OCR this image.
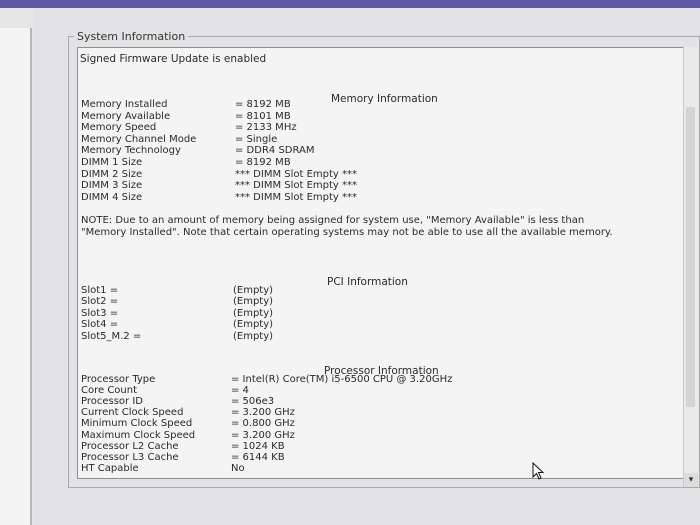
System Information
Signed Firmware Update is enabled
Memory Information
Memory Installed	= 8192 MB
Memory Available	= 8101 MB
Memory Speed	= 2133 MHz
Memory Channel Mode	= Single
Memory Technology	= DDR4 SDRAM
DIMM 1 Size	= 8192 MB
DIMM 2 Size	*** DIMM Slot Empty ***
DIMM 3 Size	*** DIMM Slot Empty ***
DIMM 4 Size	*** DIMM Slot Empty ***
NOTE: Due to an amount of memory being assigned for system use, "Memory Available" is less than "Memory Installed". Note that certain operating systems may not be able to use all the available memory.
PCI Information
Slot1 =	(Empty)
Slot2 =	(Empty)
Slot3 =	(Empty)
Slot4 =	(Empty)
Slot5_M.2 =	(Empty)
Processor Information
Processor Type	= Intel(R) Core(TM) i5-6500 CPU @ 3.20GHz
Core Count	= 4
Processor ID	= 506e3
Current Clock Speed	= 3.200 GHz
Minimum Clock Speed	= 0.800 GHz
Maximum Clock Speed	= 3.200 GHz
Processor L2 Cache	= 1024 KB
Processor L3 Cache	= 6144 KB
HT Capable	No
▾
